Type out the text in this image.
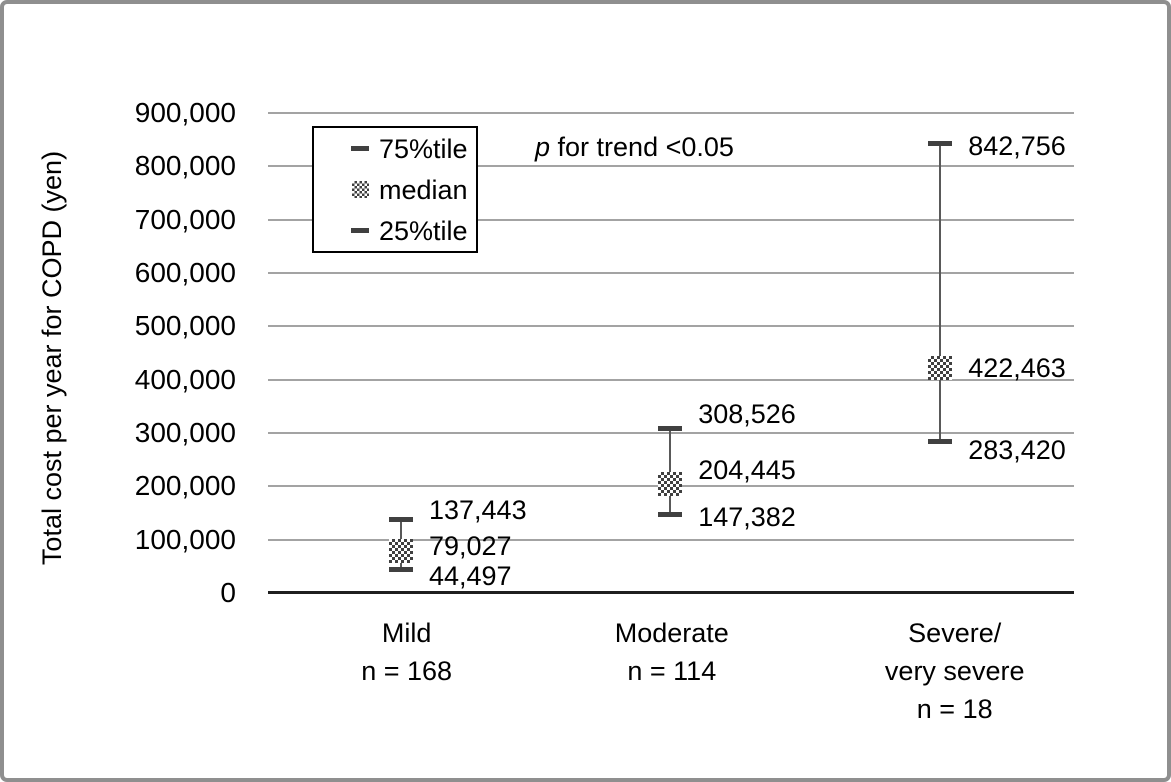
Total cost per year for COPD (yen)
900,000
800,000
700,000
600,000
500,000
400,000
300,000
200,000
100,000
0
137,443
79,027
44,497
308,526
204,445
147,382
842,756
422,463
283,420
Mild
n = 168
Moderate
n = 114
Severe/
very severe
n = 18
75%tile
median
25%tile
p for trend <0.05
